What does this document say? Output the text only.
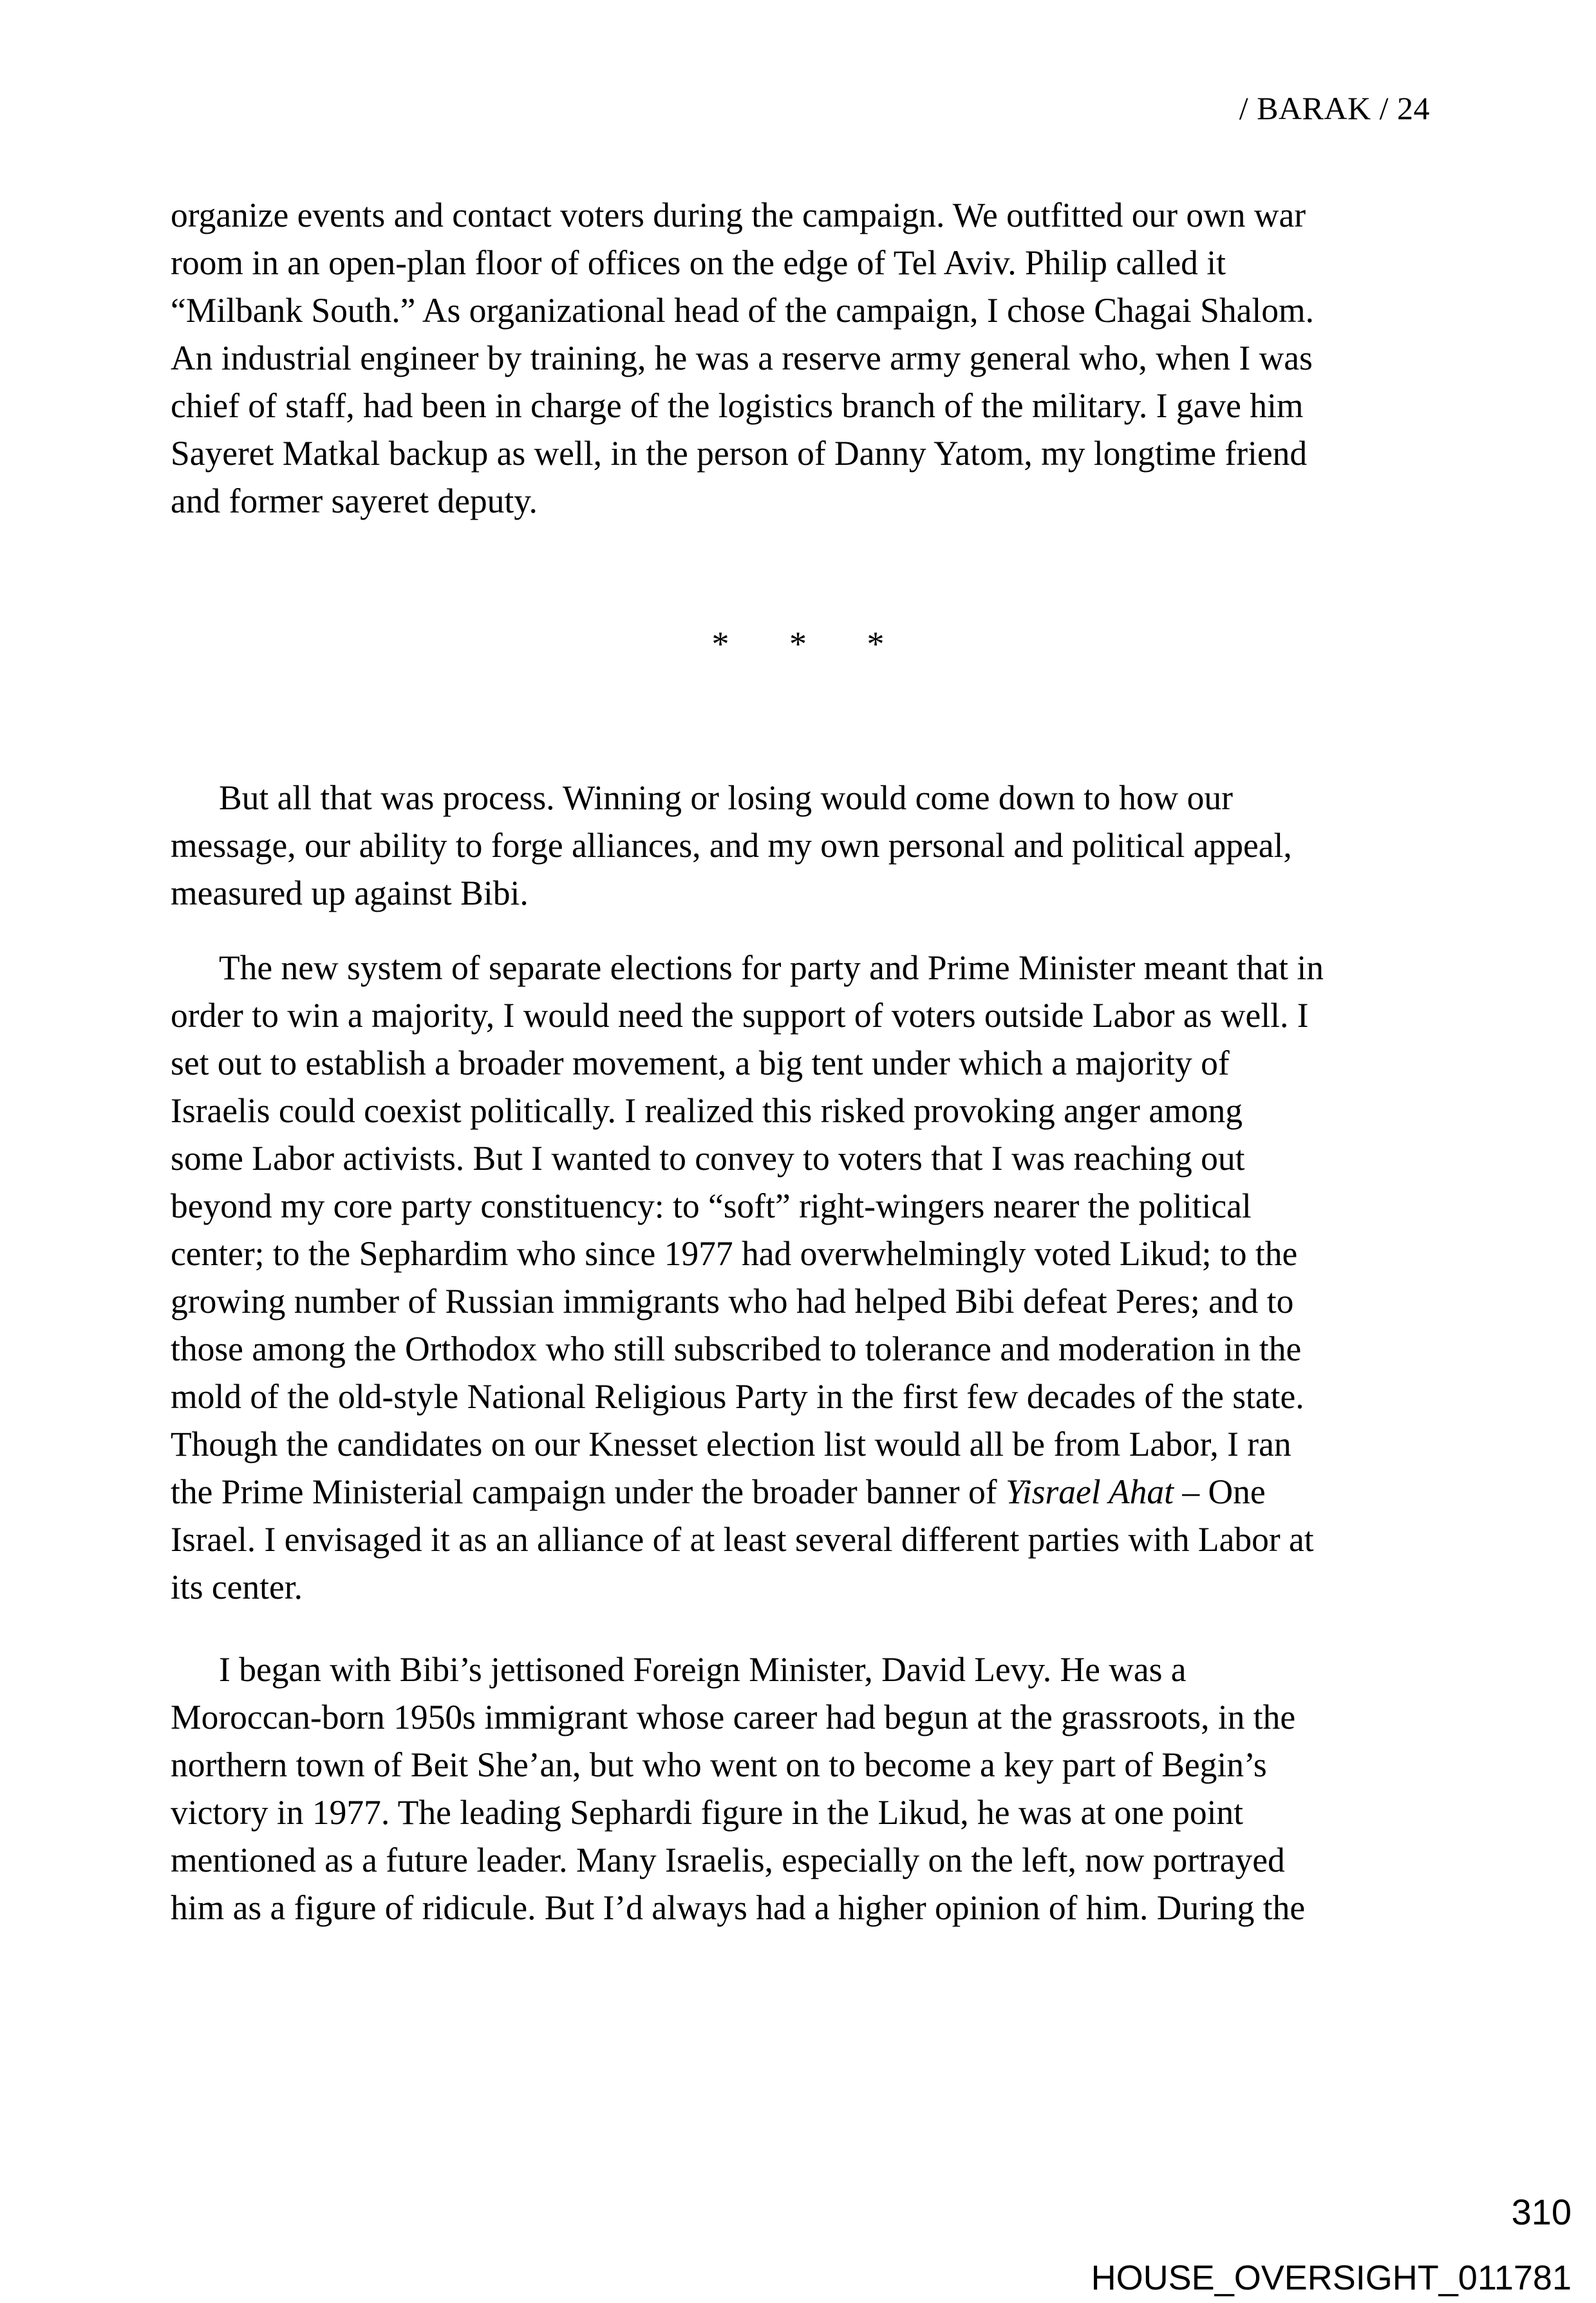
/ BARAK / 24
organize events and contact voters during the campaign. We outfitted our own war
room in an open-plan floor of offices on the edge of Tel Aviv. Philip called it
“Milbank South.” As organizational head of the campaign, I chose Chagai Shalom.
An industrial engineer by training, he was a reserve army general who, when I was
chief of staff, had been in charge of the logistics branch of the military. I gave him
Sayeret Matkal backup as well, in the person of Danny Yatom, my longtime friend
and former sayeret deputy.
* * *
But all that was process. Winning or losing would come down to how our
message, our ability to forge alliances, and my own personal and political appeal,
measured up against Bibi.
The new system of separate elections for party and Prime Minister meant that in
order to win a majority, I would need the support of voters outside Labor as well. I
set out to establish a broader movement, a big tent under which a majority of
Israelis could coexist politically. I realized this risked provoking anger among
some Labor activists. But I wanted to convey to voters that I was reaching out
beyond my core party constituency: to “soft” right-wingers nearer the political
center; to the Sephardim who since 1977 had overwhelmingly voted Likud; to the
growing number of Russian immigrants who had helped Bibi defeat Peres; and to
those among the Orthodox who still subscribed to tolerance and moderation in the
mold of the old-style National Religious Party in the first few decades of the state.
Though the candidates on our Knesset election list would all be from Labor, I ran
the Prime Ministerial campaign under the broader banner of Yisrael Ahat – One
Israel. I envisaged it as an alliance of at least several different parties with Labor at
its center.
I began with Bibi’s jettisoned Foreign Minister, David Levy. He was a
Moroccan-born 1950s immigrant whose career had begun at the grassroots, in the
northern town of Beit She’an, but who went on to become a key part of Begin’s
victory in 1977. The leading Sephardi figure in the Likud, he was at one point
mentioned as a future leader. Many Israelis, especially on the left, now portrayed
him as a figure of ridicule. But I’d always had a higher opinion of him. During the
310
HOUSE_OVERSIGHT_011781
